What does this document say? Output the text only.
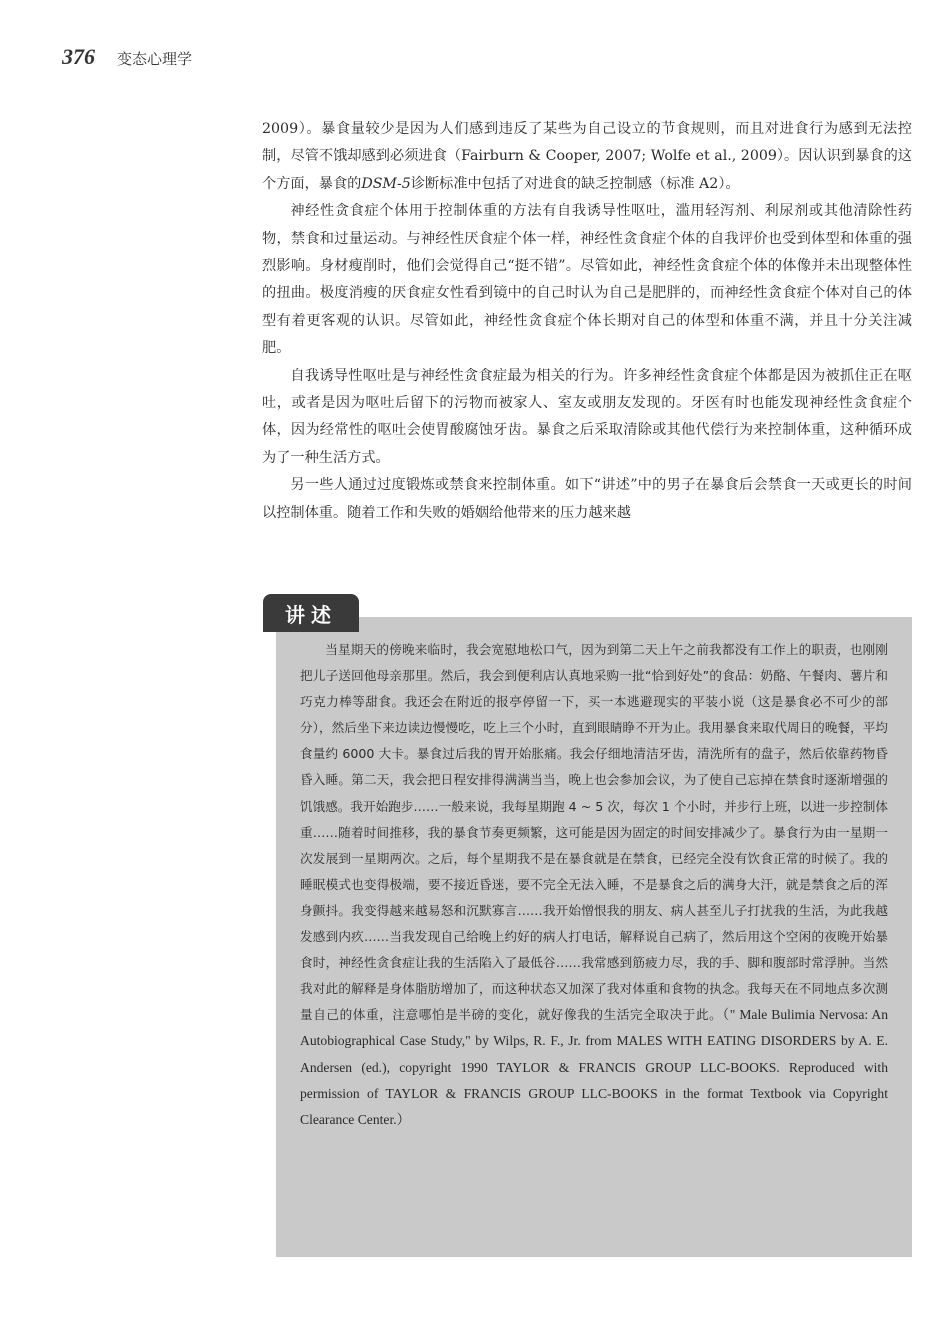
376 变态心理学

2009）。暴食量较少是因为人们感到违反了某些为自己设立的节食规则，而且对进食行为感到无法控制，尽管不饿却感到必须进食（Fairburn & Cooper, 2007; Wolfe et al., 2009）。因认识到暴食的这个方面，暴食的DSM-5诊断标准中包括了对进食的缺乏控制感（标准 A2）。

神经性贪食症个体用于控制体重的方法有自我诱导性呕吐，滥用轻泻剂、利尿剂或其他清除性药物，禁食和过量运动。与神经性厌食症个体一样，神经性贪食症个体的自我评价也受到体型和体重的强烈影响。身材瘦削时，他们会觉得自己“挺不错”。尽管如此，神经性贪食症个体的体像并未出现整体性的扭曲。极度消瘦的厌食症女性看到镜中的自己时认为自己是肥胖的，而神经性贪食症个体对自己的体型有着更客观的认识。尽管如此，神经性贪食症个体长期对自己的体型和体重不满，并且十分关注减肥。

自我诱导性呕吐是与神经性贪食症最为相关的行为。许多神经性贪食症个体都是因为被抓住正在呕吐，或者是因为呕吐后留下的污物而被家人、室友或朋友发现的。牙医有时也能发现神经性贪食症个体，因为经常性的呕吐会使胃酸腐蚀牙齿。暴食之后采取清除或其他代偿行为来控制体重，这种循环成为了一种生活方式。

另一些人通过过度锻炼或禁食来控制体重。如下“讲述”中的男子在暴食后会禁食一天或更长的时间以控制体重。随着工作和失败的婚姻给他带来的压力越来越

讲述
当星期天的傍晚来临时，我会宽慰地松口气，因为到第二天上午之前我都没有工作上的职责，也刚刚把儿子送回他母亲那里。然后，我会到便利店认真地采购一批“恰到好处”的食品：奶酪、午餐肉、薯片和巧克力棒等甜食。我还会在附近的报亭停留一下，买一本逃避现实的平装小说（这是暴食必不可少的部分），然后坐下来边读边慢慢吃，吃上三个小时，直到眼睛睁不开为止。我用暴食来取代周日的晚餐，平均食量约 6000 大卡。暴食过后我的胃开始胀痛。我会仔细地清洁牙齿，清洗所有的盘子，然后依靠药物昏昏入睡。第二天，我会把日程安排得满满当当，晚上也会参加会议，为了使自己忘掉在禁食时逐渐增强的饥饿感。我开始跑步……一般来说，我每星期跑 4 ~ 5 次，每次 1 个小时，并步行上班，以进一步控制体重……随着时间推移，我的暴食节奏更频繁，这可能是因为固定的时间安排减少了。暴食行为由一星期一次发展到一星期两次。之后，每个星期我不是在暴食就是在禁食，已经完全没有饮食正常的时候了。我的睡眠模式也变得极端，要不接近昏迷，要不完全无法入睡，不是暴食之后的满身大汗，就是禁食之后的浑身颤抖。我变得越来越易怒和沉默寡言……我开始憎恨我的朋友、病人甚至儿子打扰我的生活，为此我越发感到内疚……当我发现自己给晚上约好的病人打电话，解释说自己病了，然后用这个空闲的夜晚开始暴食时，神经性贪食症让我的生活陷入了最低谷……我常感到筋疲力尽，我的手、脚和腹部时常浮肿。当然我对此的解释是身体脂肪增加了，而这种状态又加深了我对体重和食物的执念。我每天在不同地点多次测量自己的体重，注意哪怕是半磅的变化，就好像我的生活完全取决于此。（" Male Bulimia Nervosa: An Autobiographical Case Study," by Wilps, R. F., Jr. from MALES WITH EATING DISORDERS by A. E. Andersen (ed.), copyright 1990 TAYLOR & FRANCIS GROUP LLC-BOOKS. Reproduced with permission of TAYLOR & FRANCIS GROUP LLC-BOOKS in the format Textbook via Copyright Clearance Center.）
